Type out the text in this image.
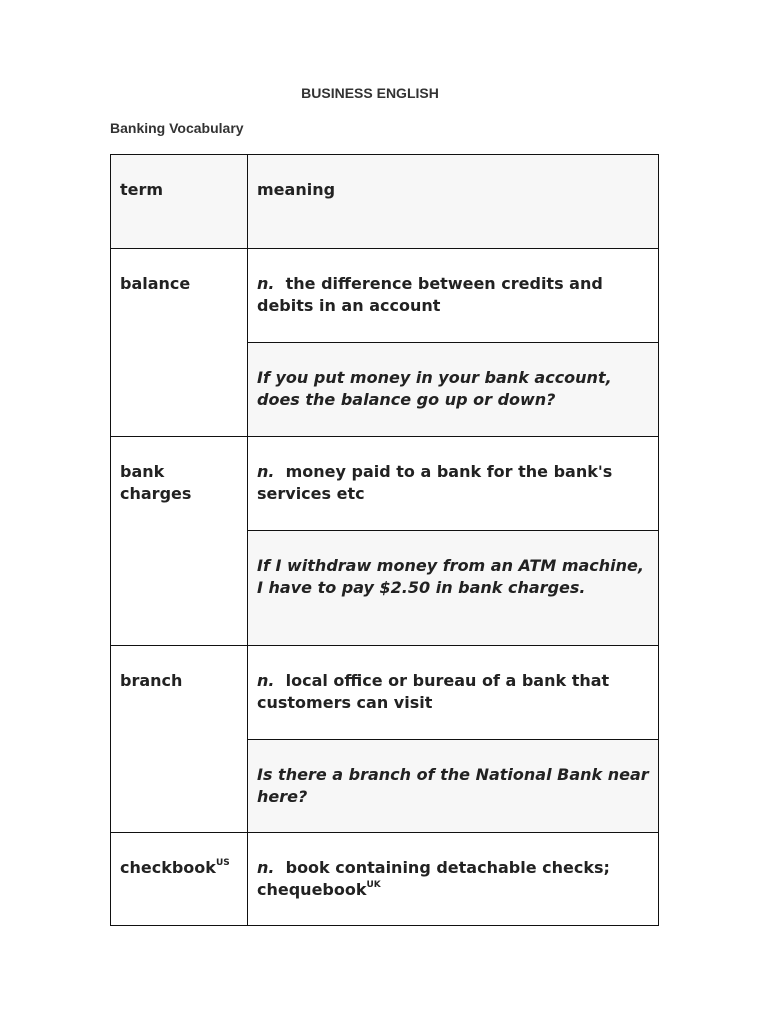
BUSINESS ENGLISH
Banking Vocabulary
term	meaning
balance	n. the difference between credits and debits in an account
	If you put money in your bank account, does the balance go up or down?
bank charges	n. money paid to a bank for the bank's services etc
	If I withdraw money from an ATM machine, I have to pay $2.50 in bank charges.
branch	n. local office or bureau of a bank that customers can visit
	Is there a branch of the National Bank near here?
checkbook$^{US}$	n. book containing detachable checks; chequebook$^{UK}$
